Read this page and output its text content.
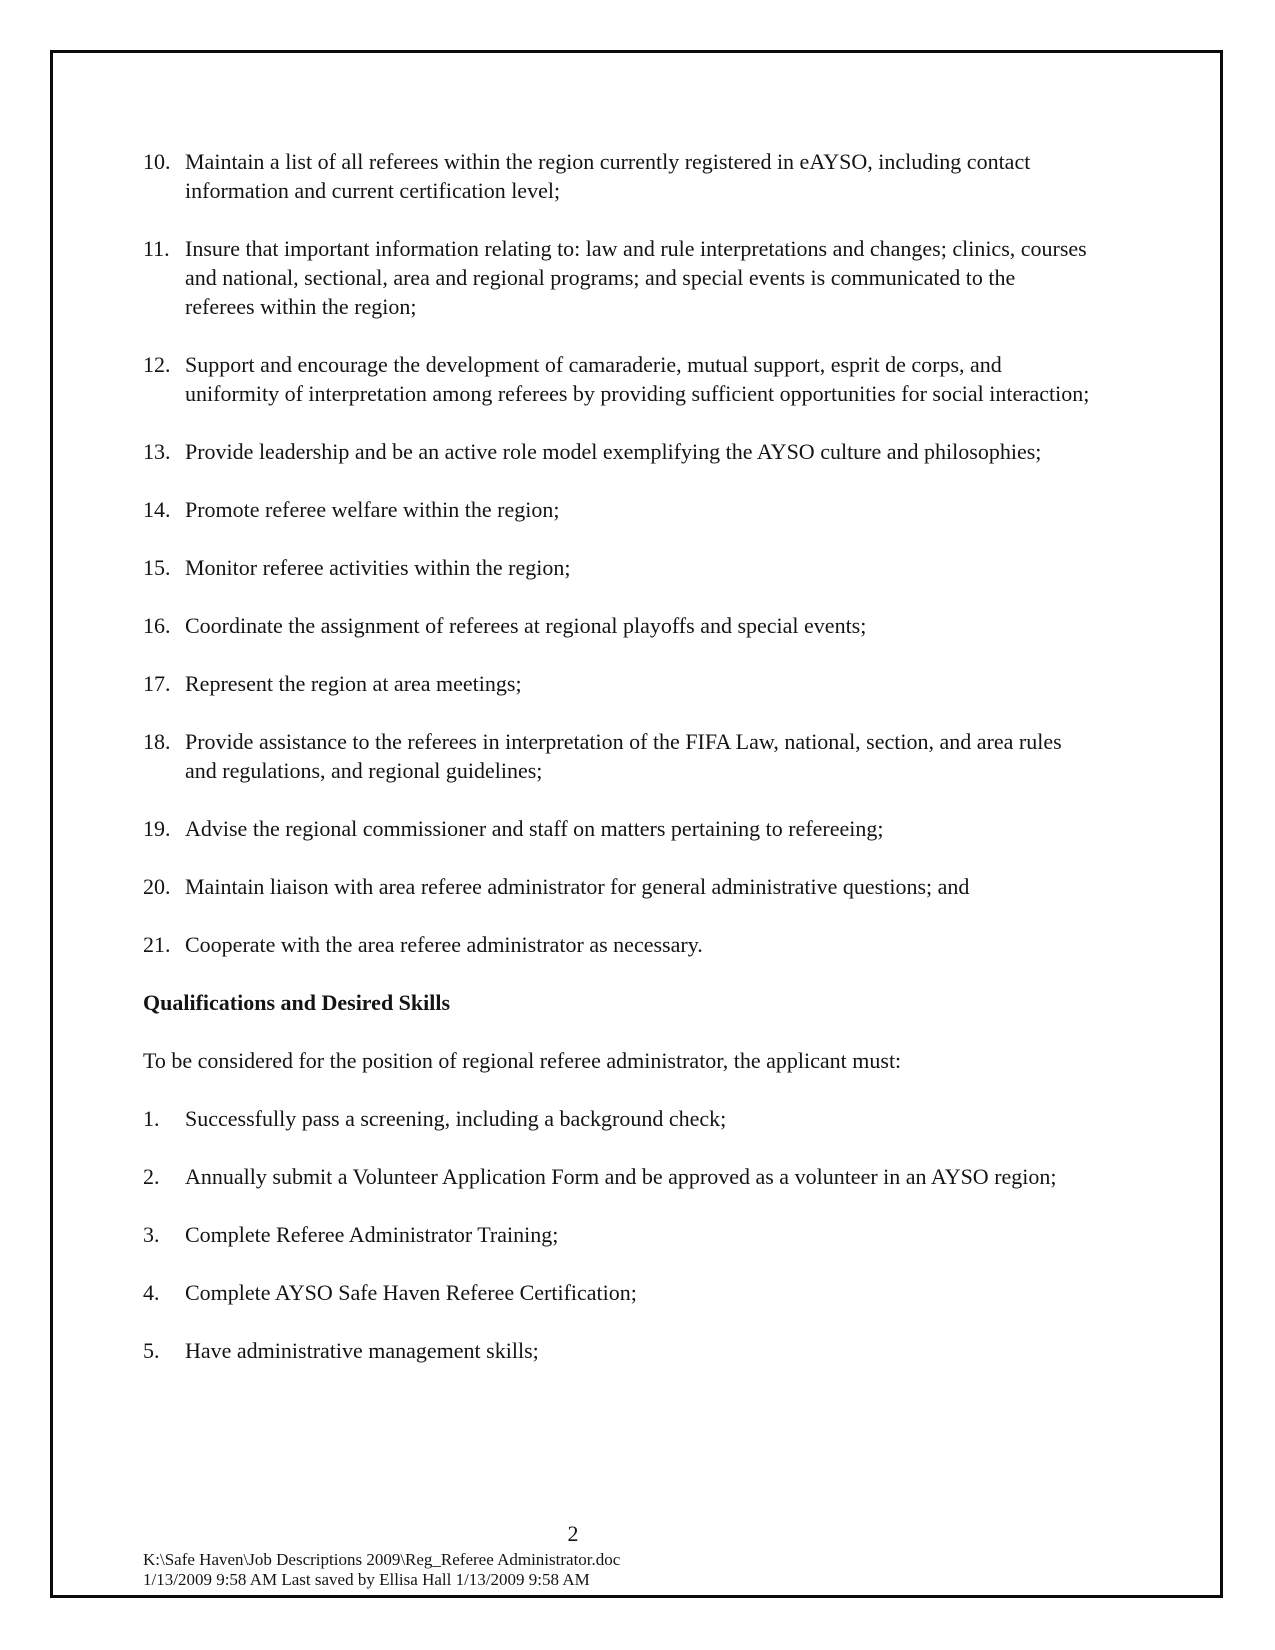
10. Maintain a list of all referees within the region currently registered in eAYSO, including contact information and current certification level;
11. Insure that important information relating to: law and rule interpretations and changes; clinics, courses and national, sectional, area and regional programs; and special events is communicated to the referees within the region;
12. Support and encourage the development of camaraderie, mutual support, esprit de corps, and uniformity of interpretation among referees by providing sufficient opportunities for social interaction;
13. Provide leadership and be an active role model exemplifying the AYSO culture and philosophies;
14. Promote referee welfare within the region;
15. Monitor referee activities within the region;
16. Coordinate the assignment of referees at regional playoffs and special events;
17. Represent the region at area meetings;
18. Provide assistance to the referees in interpretation of the FIFA Law, national, section, and area rules and regulations, and regional guidelines;
19. Advise the regional commissioner and staff on matters pertaining to refereeing;
20. Maintain liaison with area referee administrator for general administrative questions; and
21. Cooperate with the area referee administrator as necessary.
Qualifications and Desired Skills
To be considered for the position of regional referee administrator, the applicant must:
1.	Successfully pass a screening, including a background check;
2.	Annually submit a Volunteer Application Form and be approved as a volunteer in an AYSO region;
3.	Complete Referee Administrator Training;
4.	Complete AYSO Safe Haven Referee Certification;
5.	Have administrative management skills;
2
K:\Safe Haven\Job Descriptions 2009\Reg_Referee Administrator.doc
1/13/2009 9:58 AM Last saved by Ellisa Hall 1/13/2009 9:58 AM
